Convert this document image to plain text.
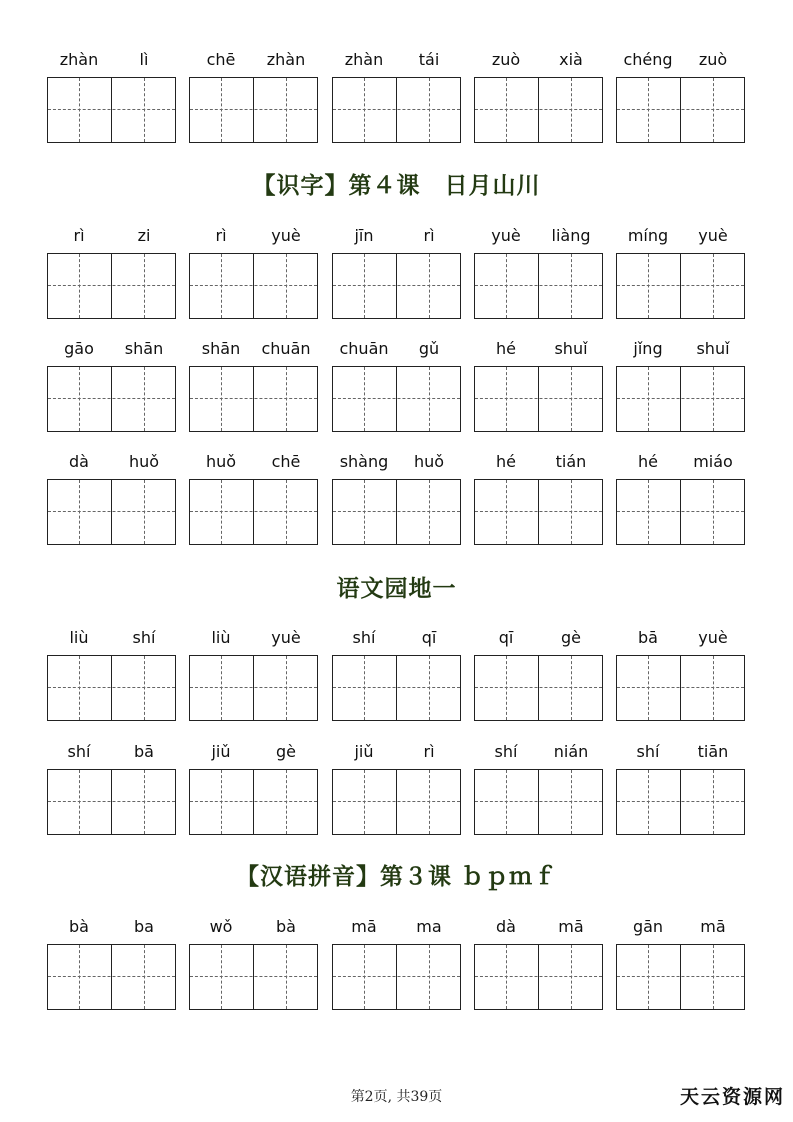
zhàn	lì	chē	zhàn	zhàn	tái	zuò	xià	chéng	zuò
【识字】第４课　日月山川
rì	zi	rì	yuè	jīn	rì	yuè	liàng	míng	yuè
gāo	shān	shān	chuān	chuān	gǔ	hé	shuǐ	jǐng	shuǐ
dà	huǒ	huǒ	chē	shàng	huǒ	hé	tián	hé	miáo
语文园地一
liù	shí	liù	yuè	shí	qī	qī	gè	bā	yuè
shí	bā	jiǔ	gè	jiǔ	rì	shí	nián	shí	tiān
【汉语拼音】第３课 ｂｐｍｆ
bà	ba	wǒ	bà	mā	ma	dà	mā	gān	mā
第2页, 共39页	天云资源网
